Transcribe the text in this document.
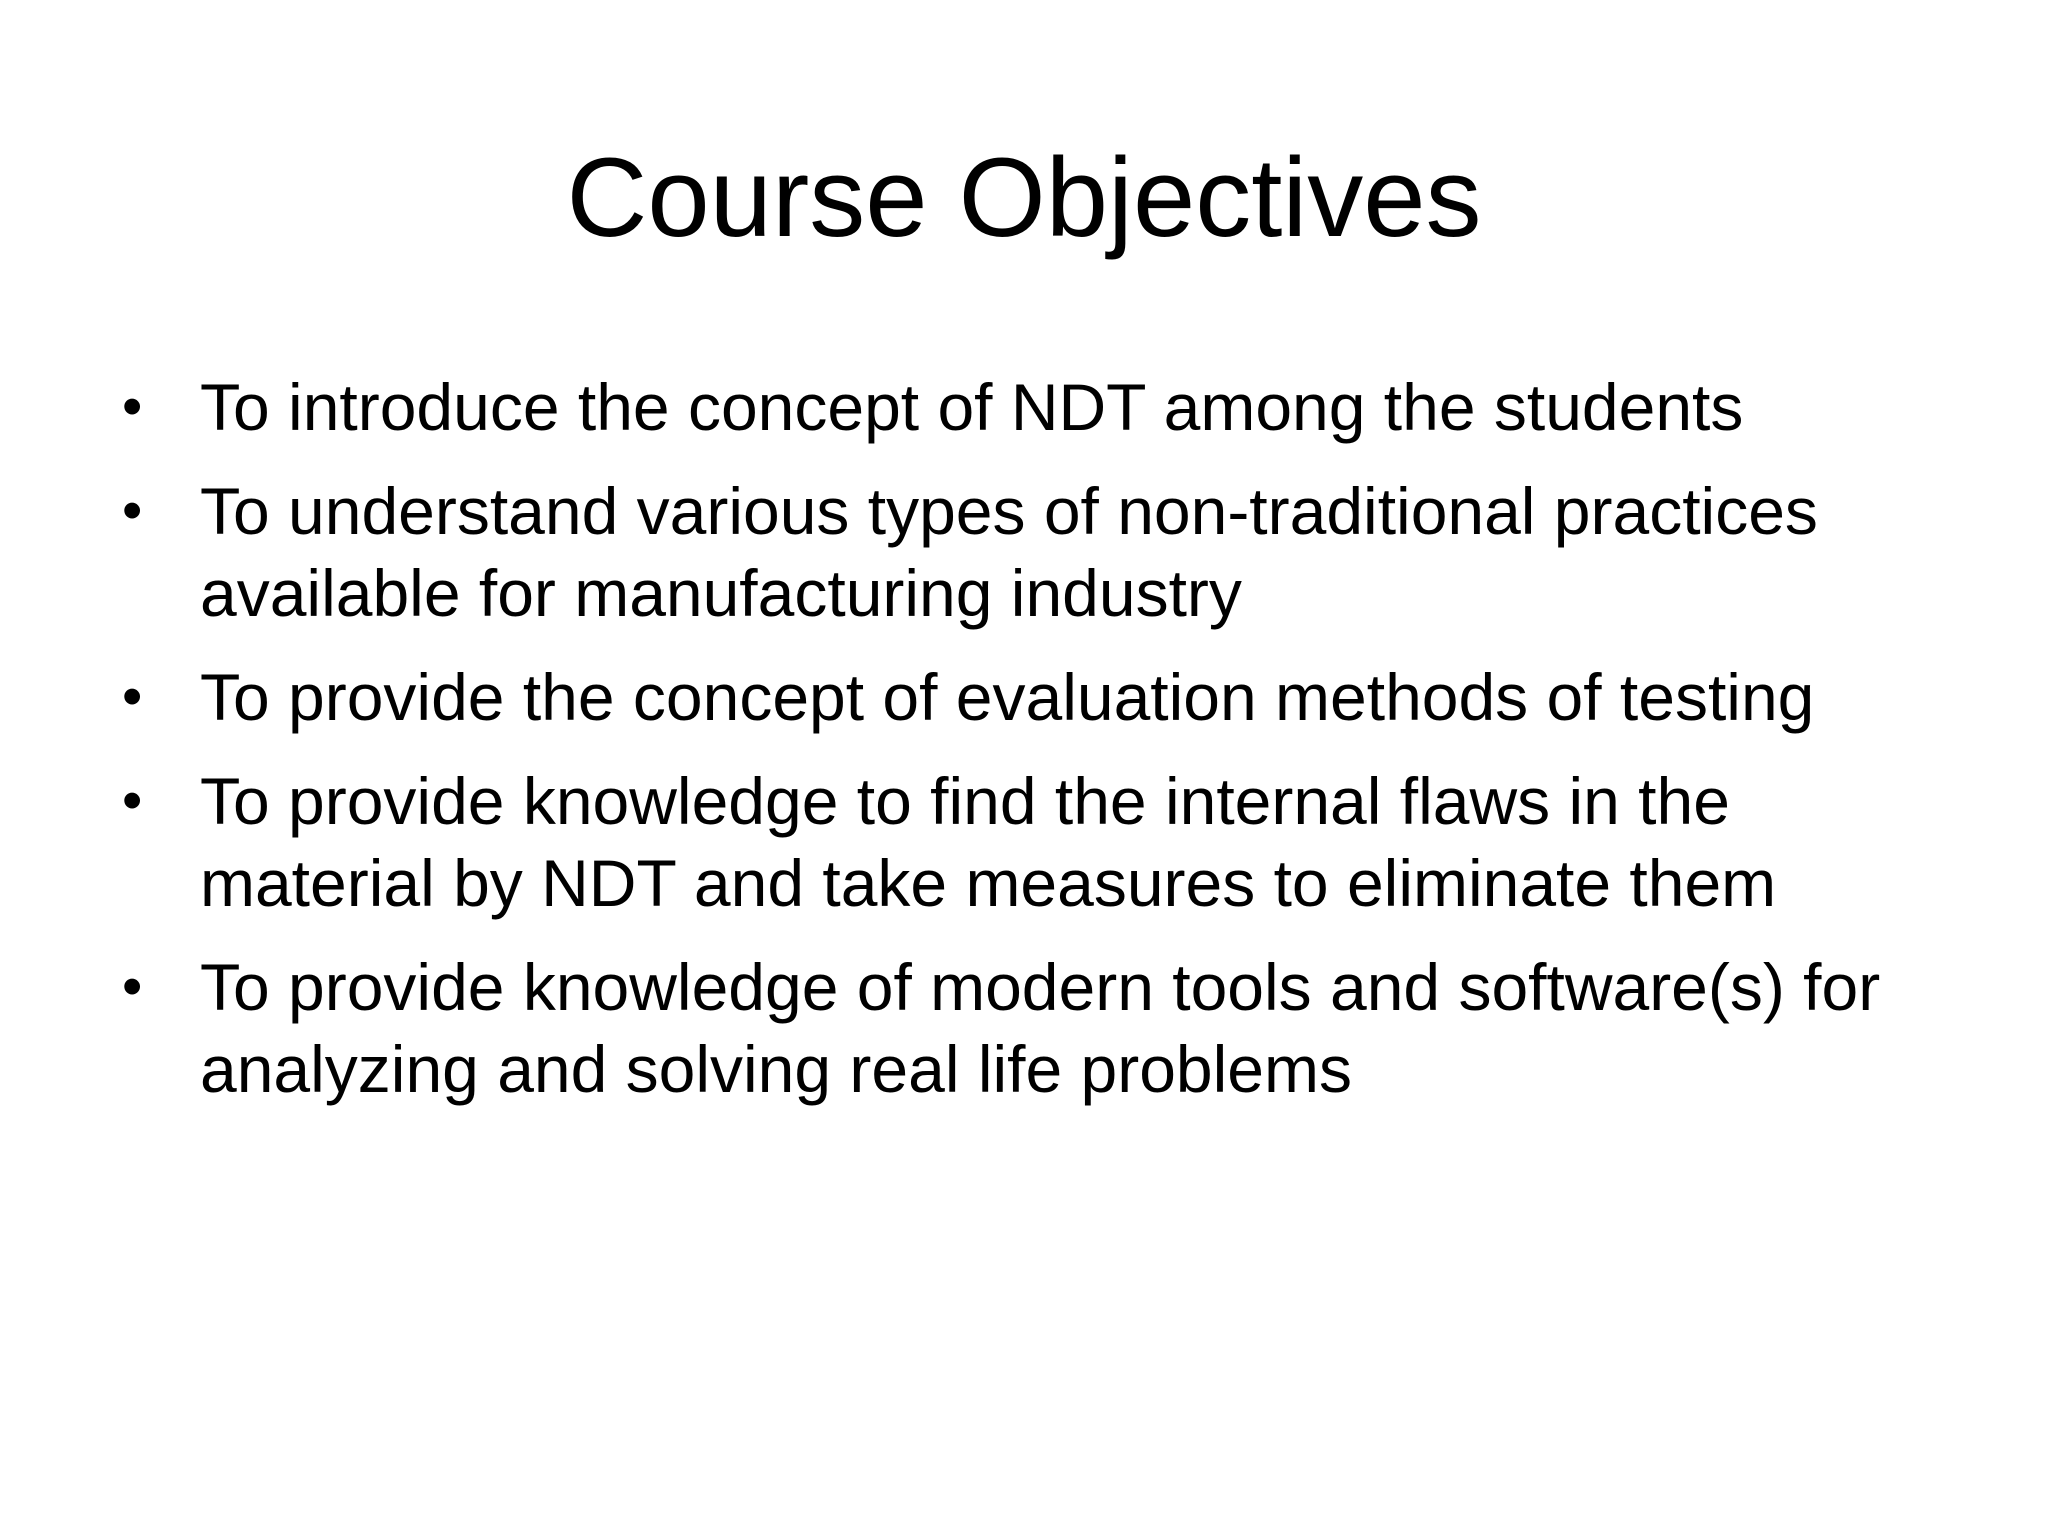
Course Objectives
• To introduce the concept of NDT among the students
• To understand various types of non-traditional practices available for manufacturing industry
• To provide the concept of evaluation methods of testing
• To provide knowledge to find the internal flaws in the material by NDT and take measures to eliminate them
• To provide knowledge of modern tools and software(s) for analyzing and solving real life problems
